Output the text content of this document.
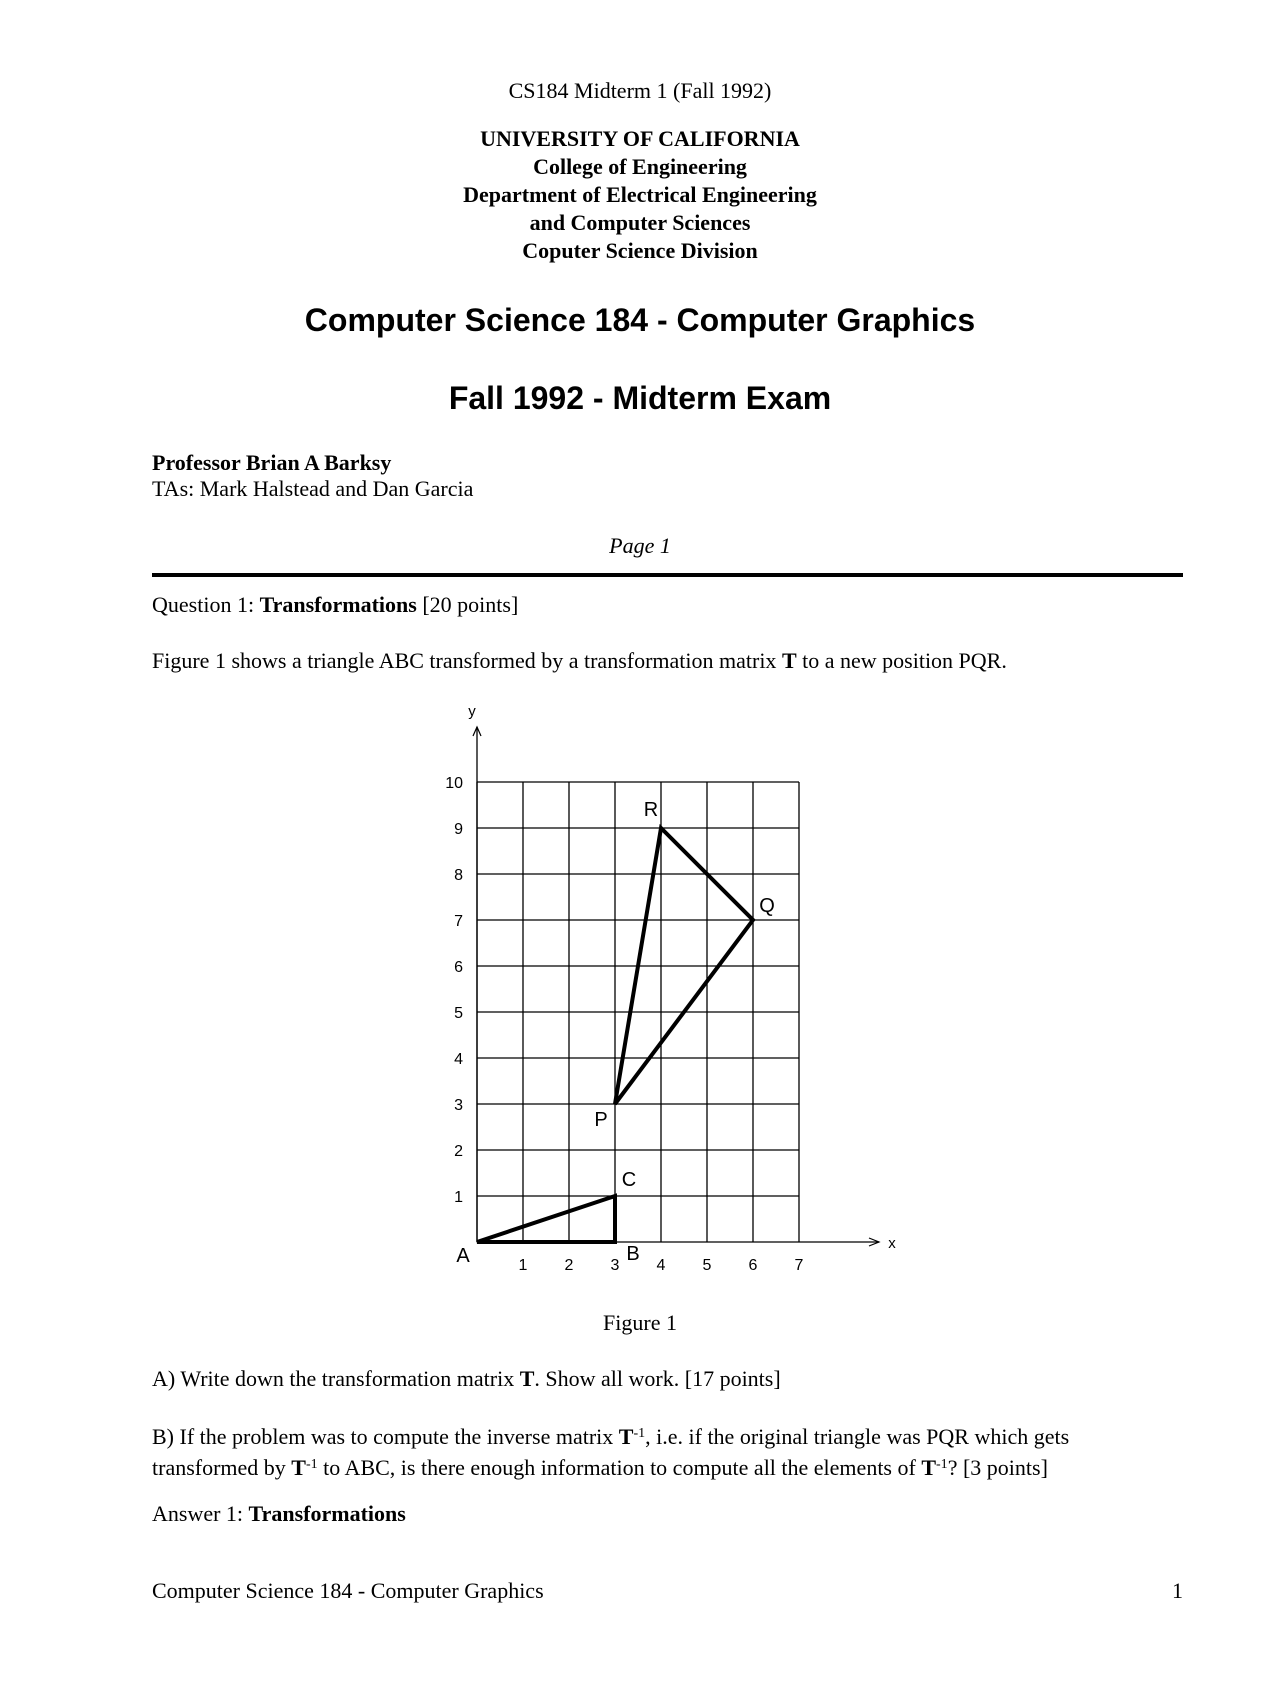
CS184 Midterm 1 (Fall 1992)
UNIVERSITY OF CALIFORNIA
College of Engineering
Department of Electrical Engineering
and Computer Sciences
Coputer Science Division
Computer Science 184 - Computer Graphics
Fall 1992 - Midterm Exam
Professor Brian A Barksy
TAs: Mark Halstead and Dan Garcia
Page 1
Question 1: Transformations [20 points]
Figure 1 shows a triangle ABC transformed by a transformation matrix T to a new position PQR.
1 2 3 4 5 6 7
1
2
3
4
5
6
7
8
9
10
x
y
A	B
C
P
Q
R
Figure 1
A) Write down the transformation matrix T. Show all work. [17 points]
B) If the problem was to compute the inverse matrix $T^{-1}$, i.e. if the original triangle was PQR which gets
transformed by $T^{-1}$ to ABC, is there enough information to compute all the elements of $T^{-1}$? [3 points]
Answer 1: Transformations
Computer Science 184 - Computer Graphics	1
